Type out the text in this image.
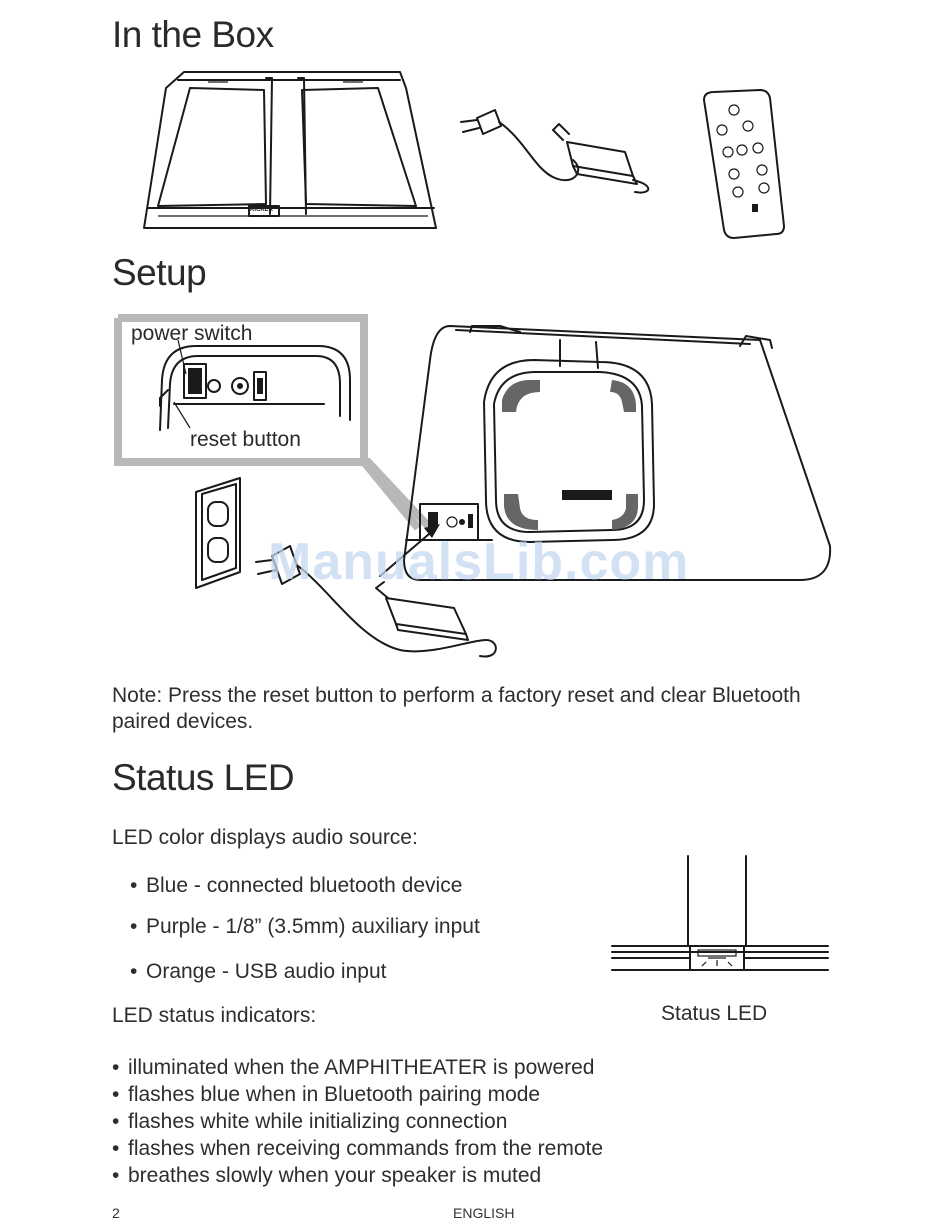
In the Box
KICKER
Setup
power switch
reset button
ManualsLib.com
Note: Press the reset button to perform a factory reset and clear Bluetooth
paired devices.
Status LED
LED color displays audio source:
• Blue - connected bluetooth device
• Purple - 1/8” (3.5mm) auxiliary input
• Orange - USB audio input
LED status indicators:
• illuminated when the AMPHITHEATER is powered
• flashes blue when in Bluetooth pairing mode
• flashes white while initializing connection
• flashes when receiving commands from the remote
• breathes slowly when your speaker is muted
Status LED
2	ENGLISH
